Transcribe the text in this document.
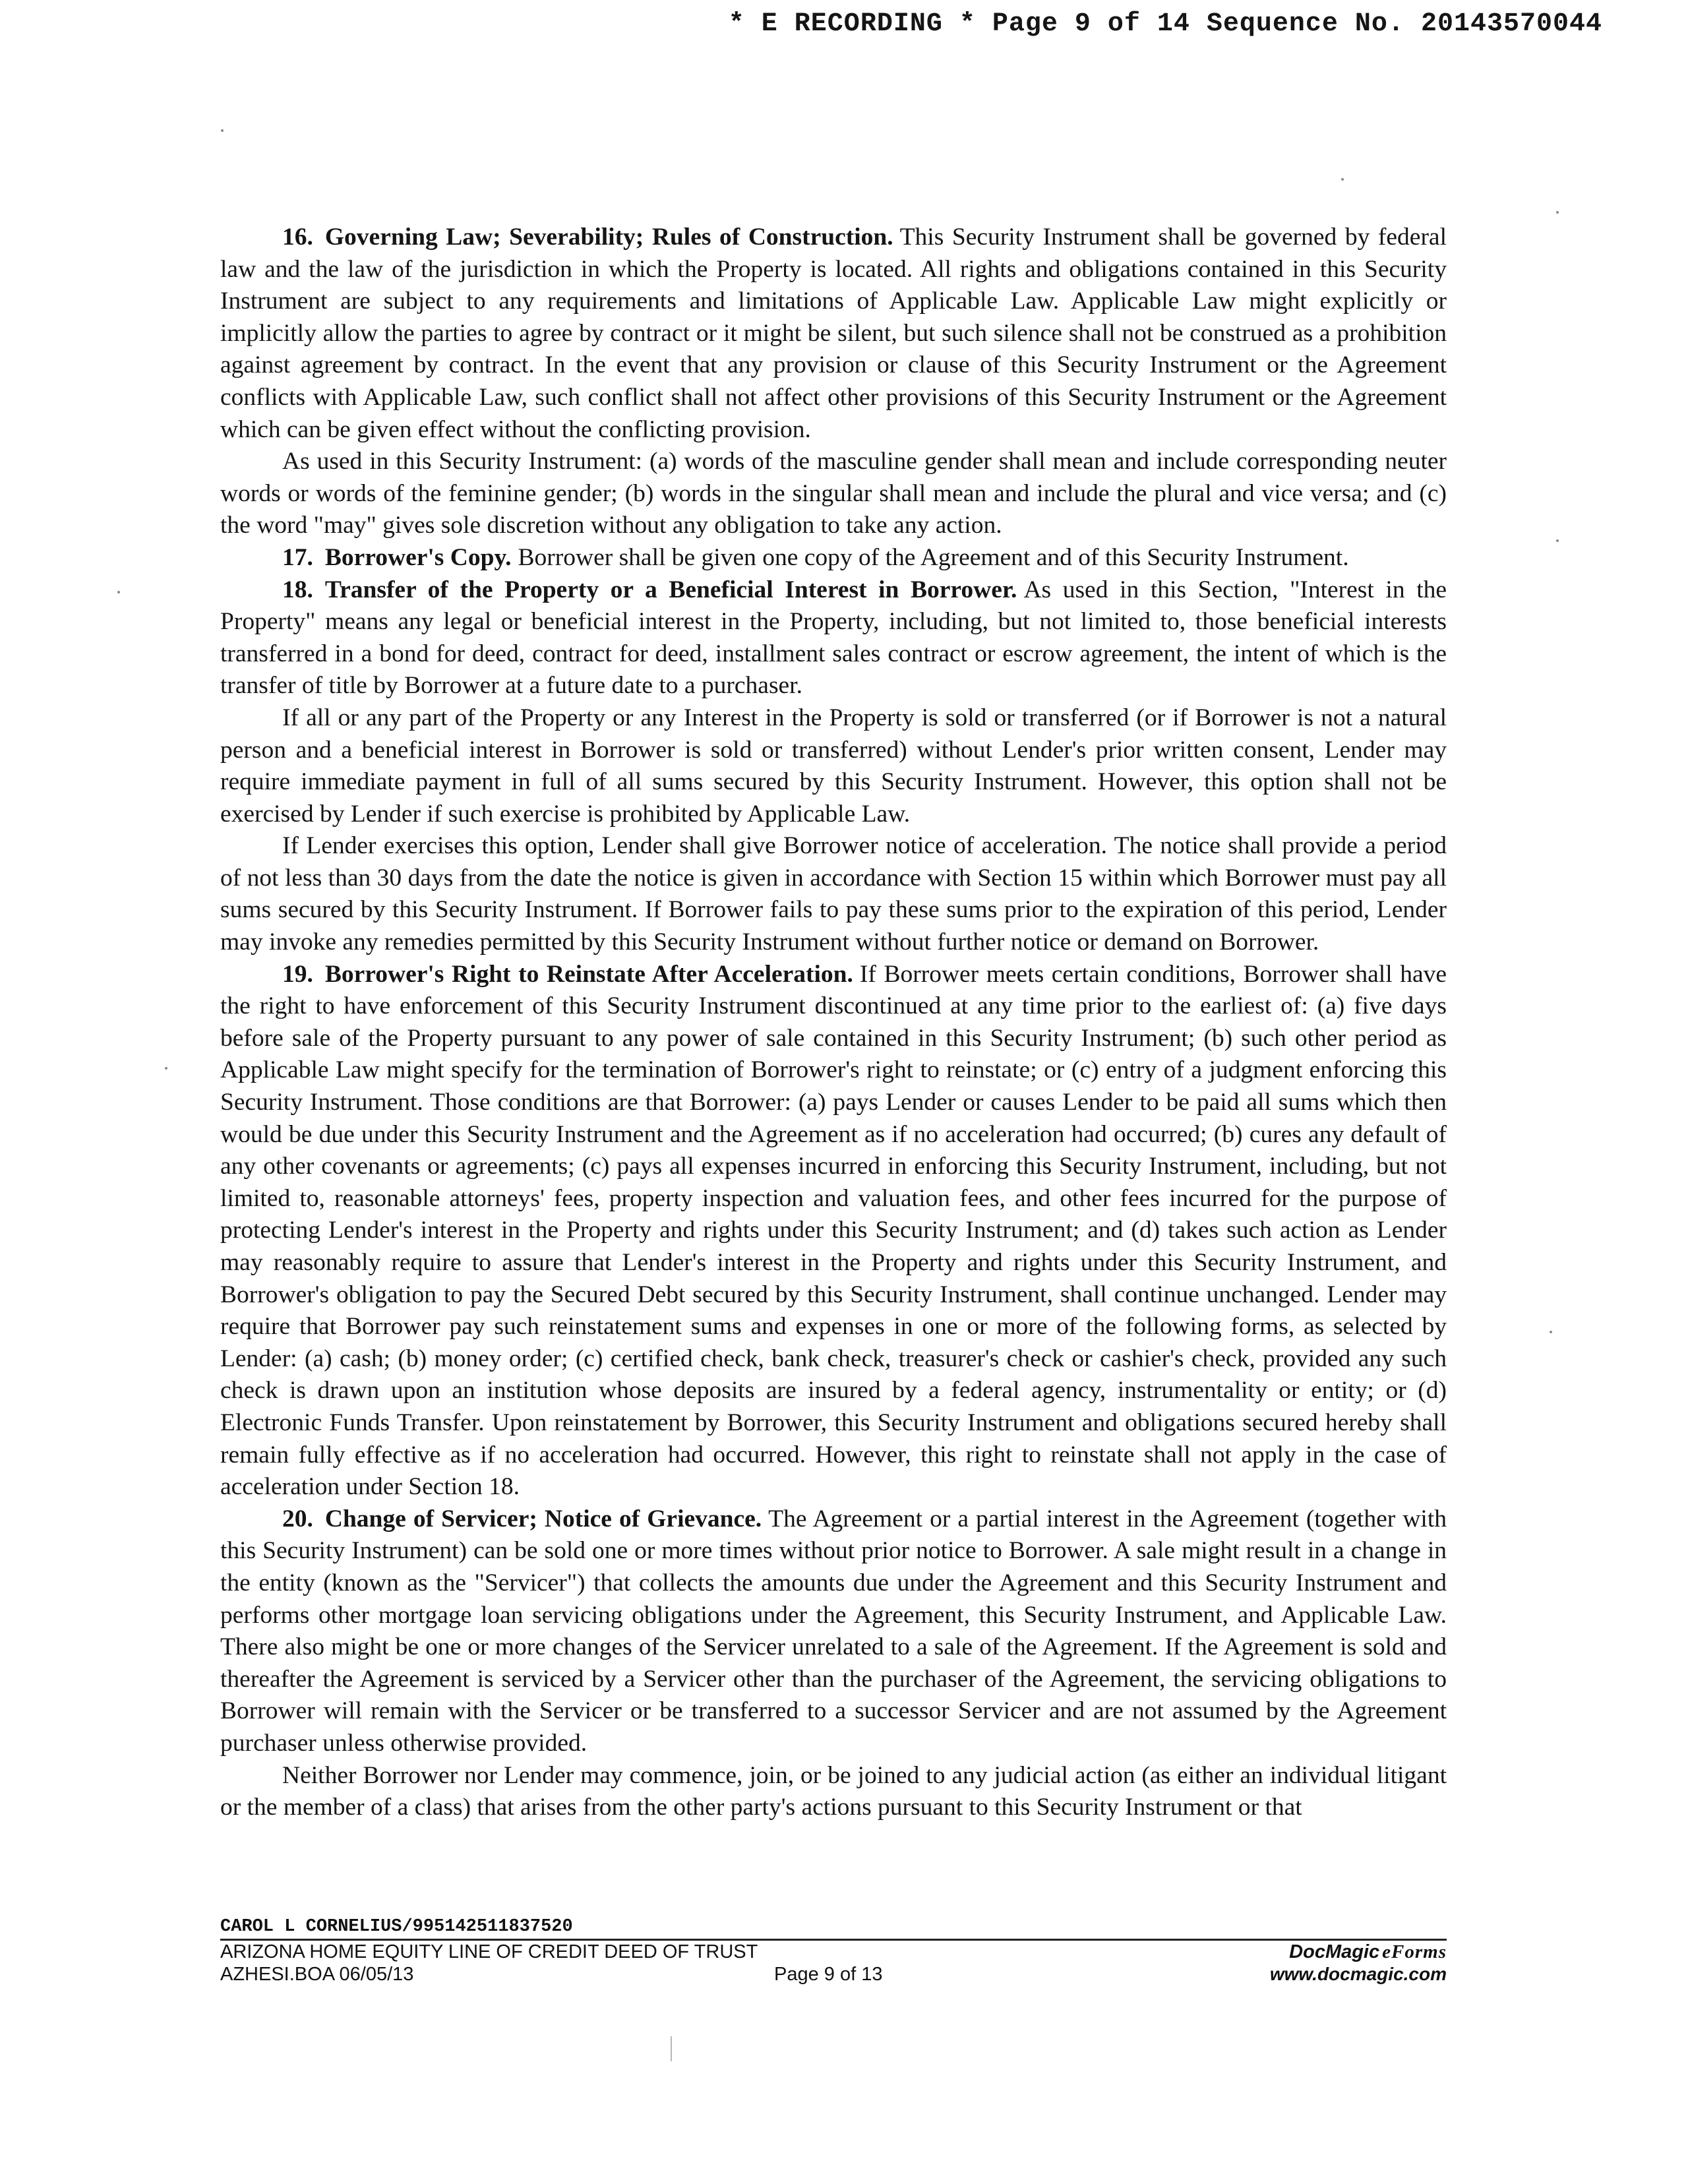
* E RECORDING * Page 9 of 14 Sequence No. 20143570044

16. Governing Law; Severability; Rules of Construction. This Security Instrument shall be governed by federal law and the law of the jurisdiction in which the Property is located. All rights and obligations contained in this Security Instrument are subject to any requirements and limitations of Applicable Law. Applicable Law might explicitly or implicitly allow the parties to agree by contract or it might be silent, but such silence shall not be construed as a prohibition against agreement by contract. In the event that any provision or clause of this Security Instrument or the Agreement conflicts with Applicable Law, such conflict shall not affect other provisions of this Security Instrument or the Agreement which can be given effect without the conflicting provision.

As used in this Security Instrument: (a) words of the masculine gender shall mean and include corresponding neuter words or words of the feminine gender; (b) words in the singular shall mean and include the plural and vice versa; and (c) the word "may" gives sole discretion without any obligation to take any action.

17. Borrower's Copy. Borrower shall be given one copy of the Agreement and of this Security Instrument.

18. Transfer of the Property or a Beneficial Interest in Borrower. As used in this Section, "Interest in the Property" means any legal or beneficial interest in the Property, including, but not limited to, those beneficial interests transferred in a bond for deed, contract for deed, installment sales contract or escrow agreement, the intent of which is the transfer of title by Borrower at a future date to a purchaser.

If all or any part of the Property or any Interest in the Property is sold or transferred (or if Borrower is not a natural person and a beneficial interest in Borrower is sold or transferred) without Lender's prior written consent, Lender may require immediate payment in full of all sums secured by this Security Instrument. However, this option shall not be exercised by Lender if such exercise is prohibited by Applicable Law.

If Lender exercises this option, Lender shall give Borrower notice of acceleration. The notice shall provide a period of not less than 30 days from the date the notice is given in accordance with Section 15 within which Borrower must pay all sums secured by this Security Instrument. If Borrower fails to pay these sums prior to the expiration of this period, Lender may invoke any remedies permitted by this Security Instrument without further notice or demand on Borrower.

19. Borrower's Right to Reinstate After Acceleration. If Borrower meets certain conditions, Borrower shall have the right to have enforcement of this Security Instrument discontinued at any time prior to the earliest of: (a) five days before sale of the Property pursuant to any power of sale contained in this Security Instrument; (b) such other period as Applicable Law might specify for the termination of Borrower's right to reinstate; or (c) entry of a judgment enforcing this Security Instrument. Those conditions are that Borrower: (a) pays Lender or causes Lender to be paid all sums which then would be due under this Security Instrument and the Agreement as if no acceleration had occurred; (b) cures any default of any other covenants or agreements; (c) pays all expenses incurred in enforcing this Security Instrument, including, but not limited to, reasonable attorneys' fees, property inspection and valuation fees, and other fees incurred for the purpose of protecting Lender's interest in the Property and rights under this Security Instrument; and (d) takes such action as Lender may reasonably require to assure that Lender's interest in the Property and rights under this Security Instrument, and Borrower's obligation to pay the Secured Debt secured by this Security Instrument, shall continue unchanged. Lender may require that Borrower pay such reinstatement sums and expenses in one or more of the following forms, as selected by Lender: (a) cash; (b) money order; (c) certified check, bank check, treasurer's check or cashier's check, provided any such check is drawn upon an institution whose deposits are insured by a federal agency, instrumentality or entity; or (d) Electronic Funds Transfer. Upon reinstatement by Borrower, this Security Instrument and obligations secured hereby shall remain fully effective as if no acceleration had occurred. However, this right to reinstate shall not apply in the case of acceleration under Section 18.

20. Change of Servicer; Notice of Grievance. The Agreement or a partial interest in the Agreement (together with this Security Instrument) can be sold one or more times without prior notice to Borrower. A sale might result in a change in the entity (known as the "Servicer") that collects the amounts due under the Agreement and this Security Instrument and performs other mortgage loan servicing obligations under the Agreement, this Security Instrument, and Applicable Law. There also might be one or more changes of the Servicer unrelated to a sale of the Agreement. If the Agreement is sold and thereafter the Agreement is serviced by a Servicer other than the purchaser of the Agreement, the servicing obligations to Borrower will remain with the Servicer or be transferred to a successor Servicer and are not assumed by the Agreement purchaser unless otherwise provided.

Neither Borrower nor Lender may commence, join, or be joined to any judicial action (as either an individual litigant or the member of a class) that arises from the other party's actions pursuant to this Security Instrument or that

CAROL L CORNELIUS/995142511837520
ARIZONA HOME EQUITY LINE OF CREDIT DEED OF TRUST	DocMagic eForms
AZHESI.BOA 06/05/13	Page 9 of 13	www.docmagic.com
